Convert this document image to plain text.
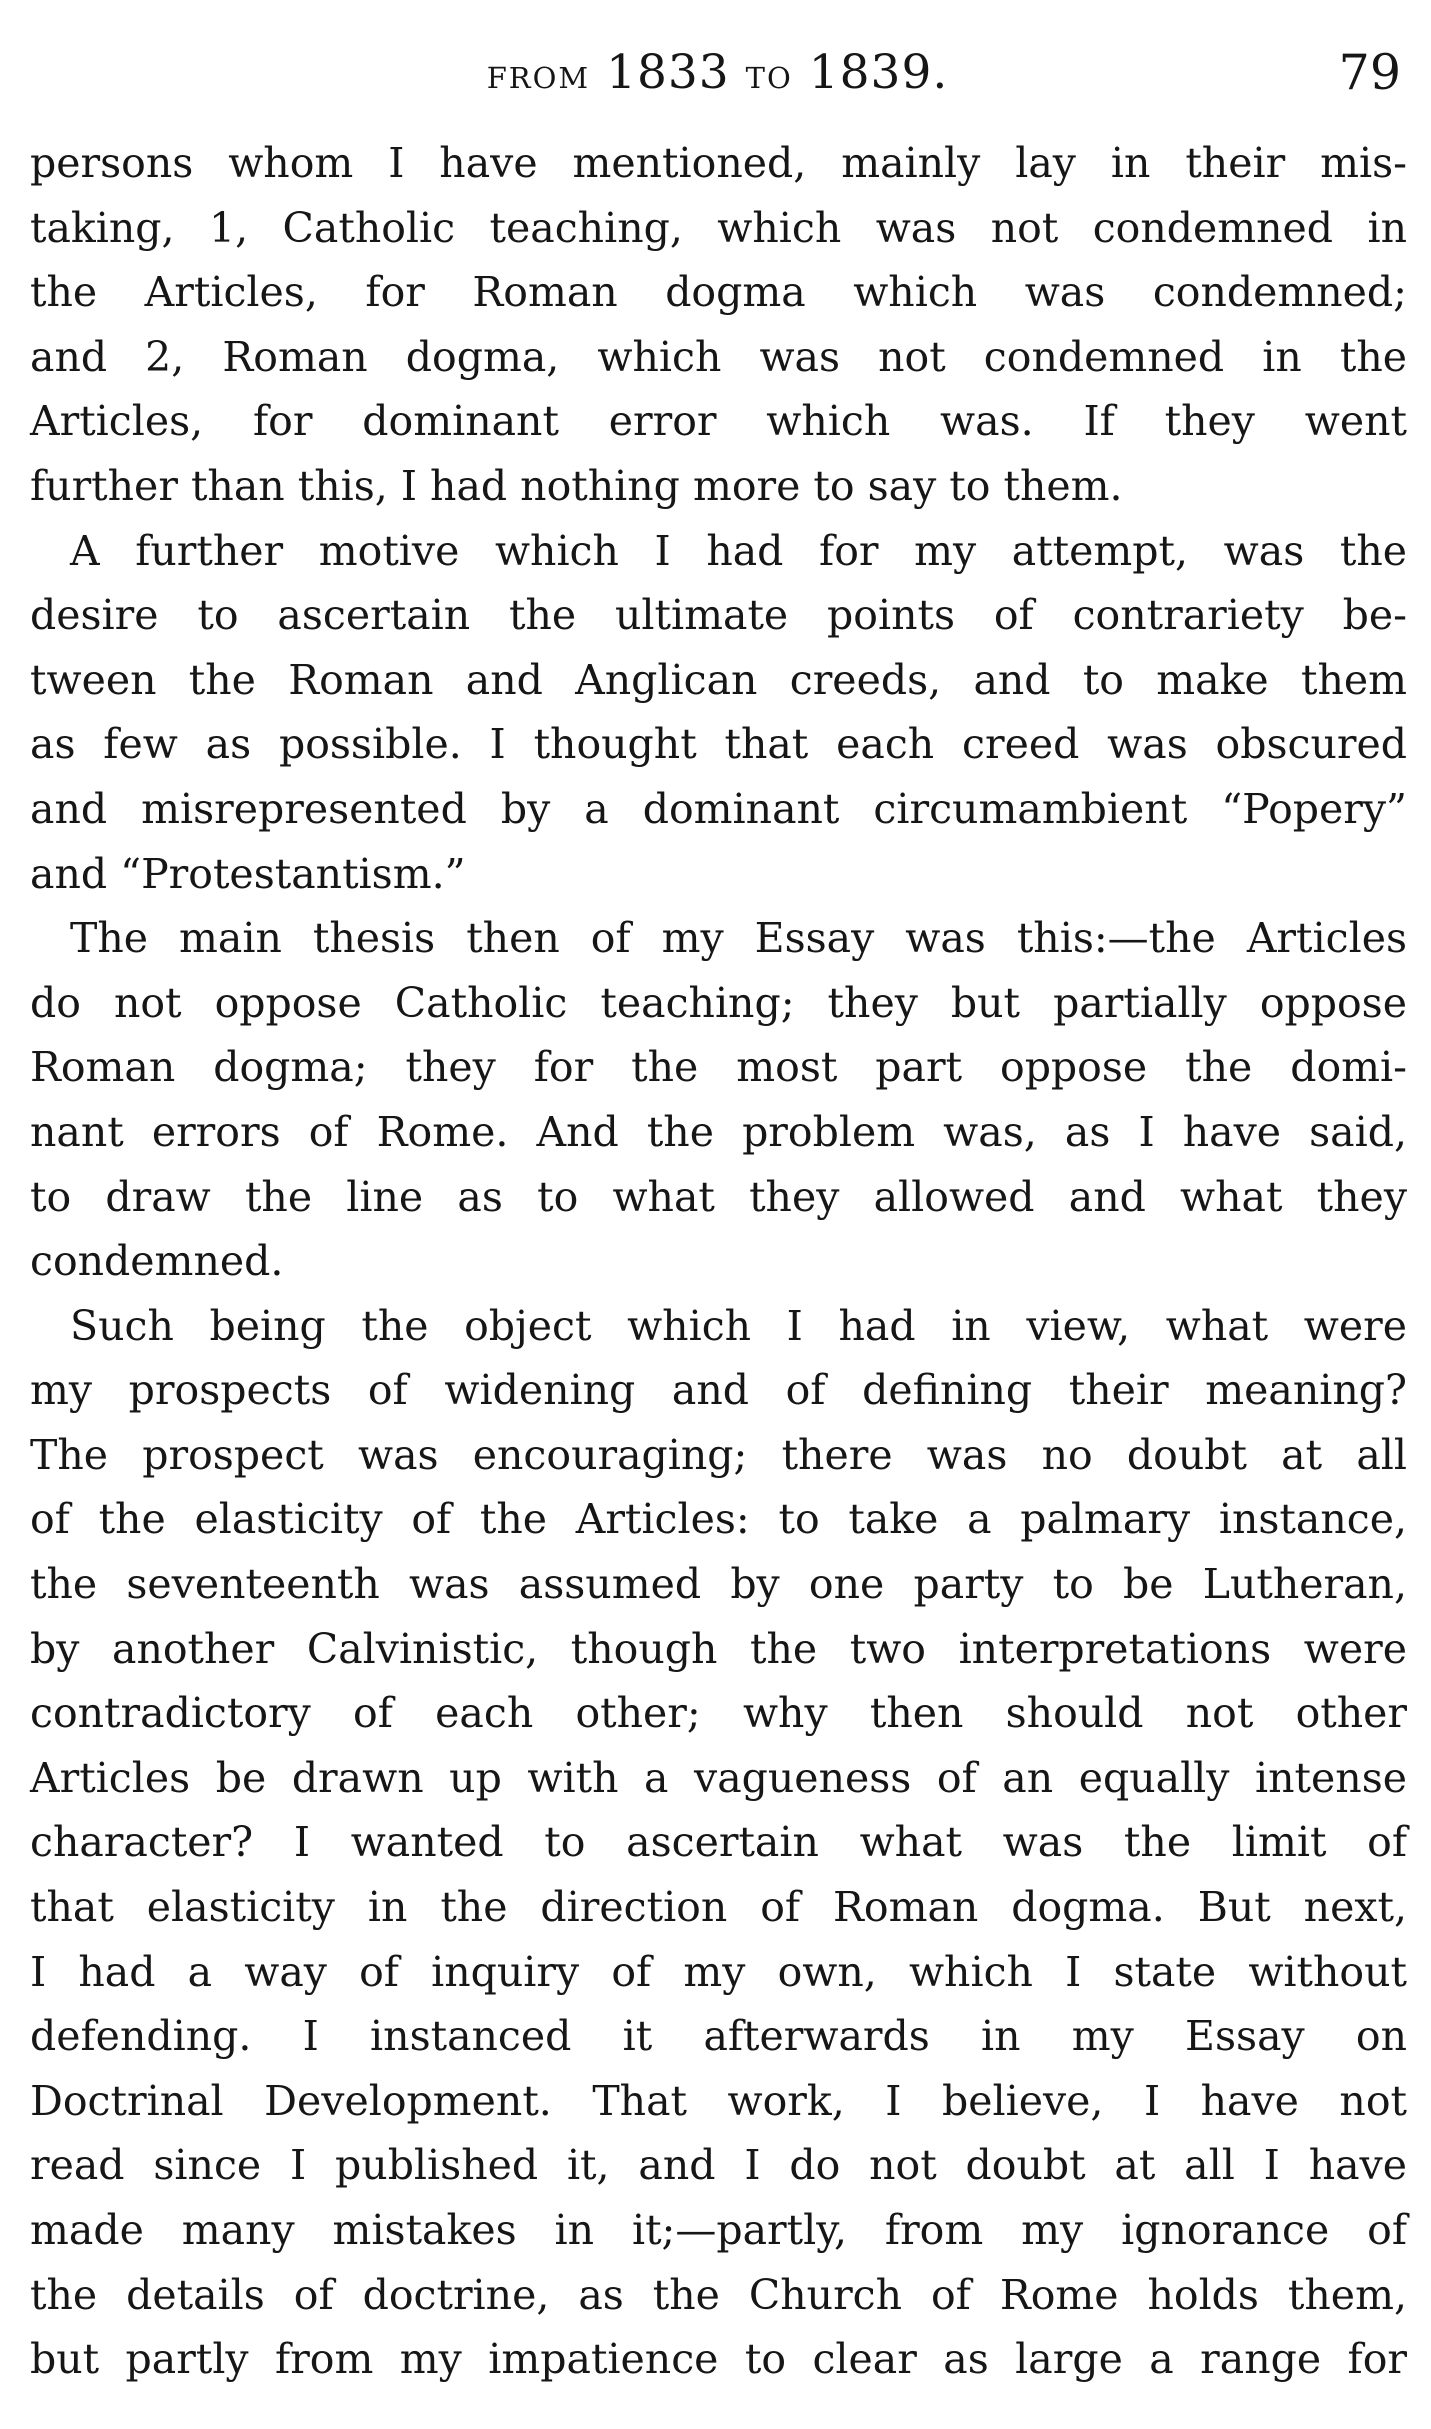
from 1833 to 1839.	79
persons whom I have mentioned, mainly lay in their mis-
taking, 1, Catholic teaching, which was not condemned in
the Articles, for Roman dogma which was condemned;
and 2, Roman dogma, which was not condemned in the
Articles, for dominant error which was. If they went
further than this, I had nothing more to say to them.
A further motive which I had for my attempt, was the
desire to ascertain the ultimate points of contrariety be-
tween the Roman and Anglican creeds, and to make them
as few as possible. I thought that each creed was obscured
and misrepresented by a dominant circumambient “Popery”
and “Protestantism.”
The main thesis then of my Essay was this:—the Articles
do not oppose Catholic teaching; they but partially oppose
Roman dogma; they for the most part oppose the domi-
nant errors of Rome. And the problem was, as I have said,
to draw the line as to what they allowed and what they
condemned.
Such being the object which I had in view, what were
my prospects of widening and of defining their meaning?
The prospect was encouraging; there was no doubt at all
of the elasticity of the Articles: to take a palmary instance,
the seventeenth was assumed by one party to be Lutheran,
by another Calvinistic, though the two interpretations were
contradictory of each other; why then should not other
Articles be drawn up with a vagueness of an equally intense
character? I wanted to ascertain what was the limit of
that elasticity in the direction of Roman dogma. But next,
I had a way of inquiry of my own, which I state without
defending. I instanced it afterwards in my Essay on
Doctrinal Development. That work, I believe, I have not
read since I published it, and I do not doubt at all I have
made many mistakes in it;—partly, from my ignorance of
the details of doctrine, as the Church of Rome holds them,
but partly from my impatience to clear as large a range for
